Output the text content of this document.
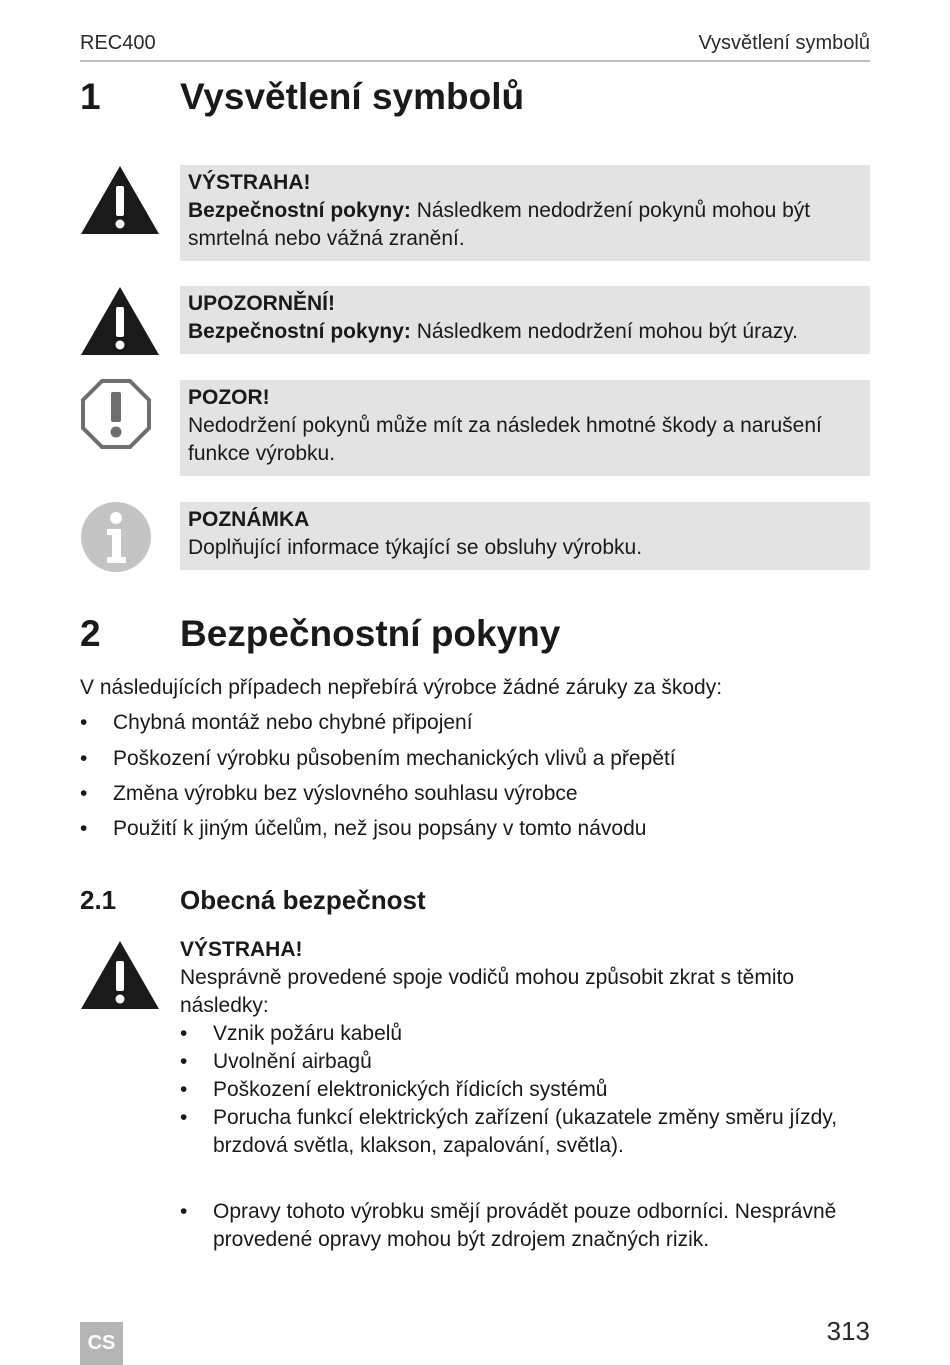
REC400	Vysvětlení symbolů
1 Vysvětlení symbolů
VÝSTRAHA!
Bezpečnostní pokyny: Následkem nedodržení pokynů mohou být
smrtelná nebo vážná zranění.
UPOZORNĚNÍ!
Bezpečnostní pokyny: Následkem nedodržení mohou být úrazy.
POZOR!
Nedodržení pokynů může mít za následek hmotné škody a narušení
funkce výrobku.
POZNÁMKA
Doplňující informace týkající se obsluhy výrobku.
2 Bezpečnostní pokyny
V následujících případech nepřebírá výrobce žádné záruky za škody:
• Chybná montáž nebo chybné připojení
• Poškození výrobku působením mechanických vlivů a přepětí
• Změna výrobku bez výslovného souhlasu výrobce
• Použití k jiným účelům, než jsou popsány v tomto návodu
2.1 Obecná bezpečnost
VÝSTRAHA!
Nesprávně provedené spoje vodičů mohou způsobit zkrat s těmito
následky:
• Vznik požáru kabelů
• Uvolnění airbagů
• Poškození elektronických řídicích systémů
• Porucha funkcí elektrických zařízení (ukazatele změny směru jízdy,
brzdová světla, klakson, zapalování, světla).
• Opravy tohoto výrobku smějí provádět pouze odborníci. Nesprávně
provedené opravy mohou být zdrojem značných rizik.
CS	313
